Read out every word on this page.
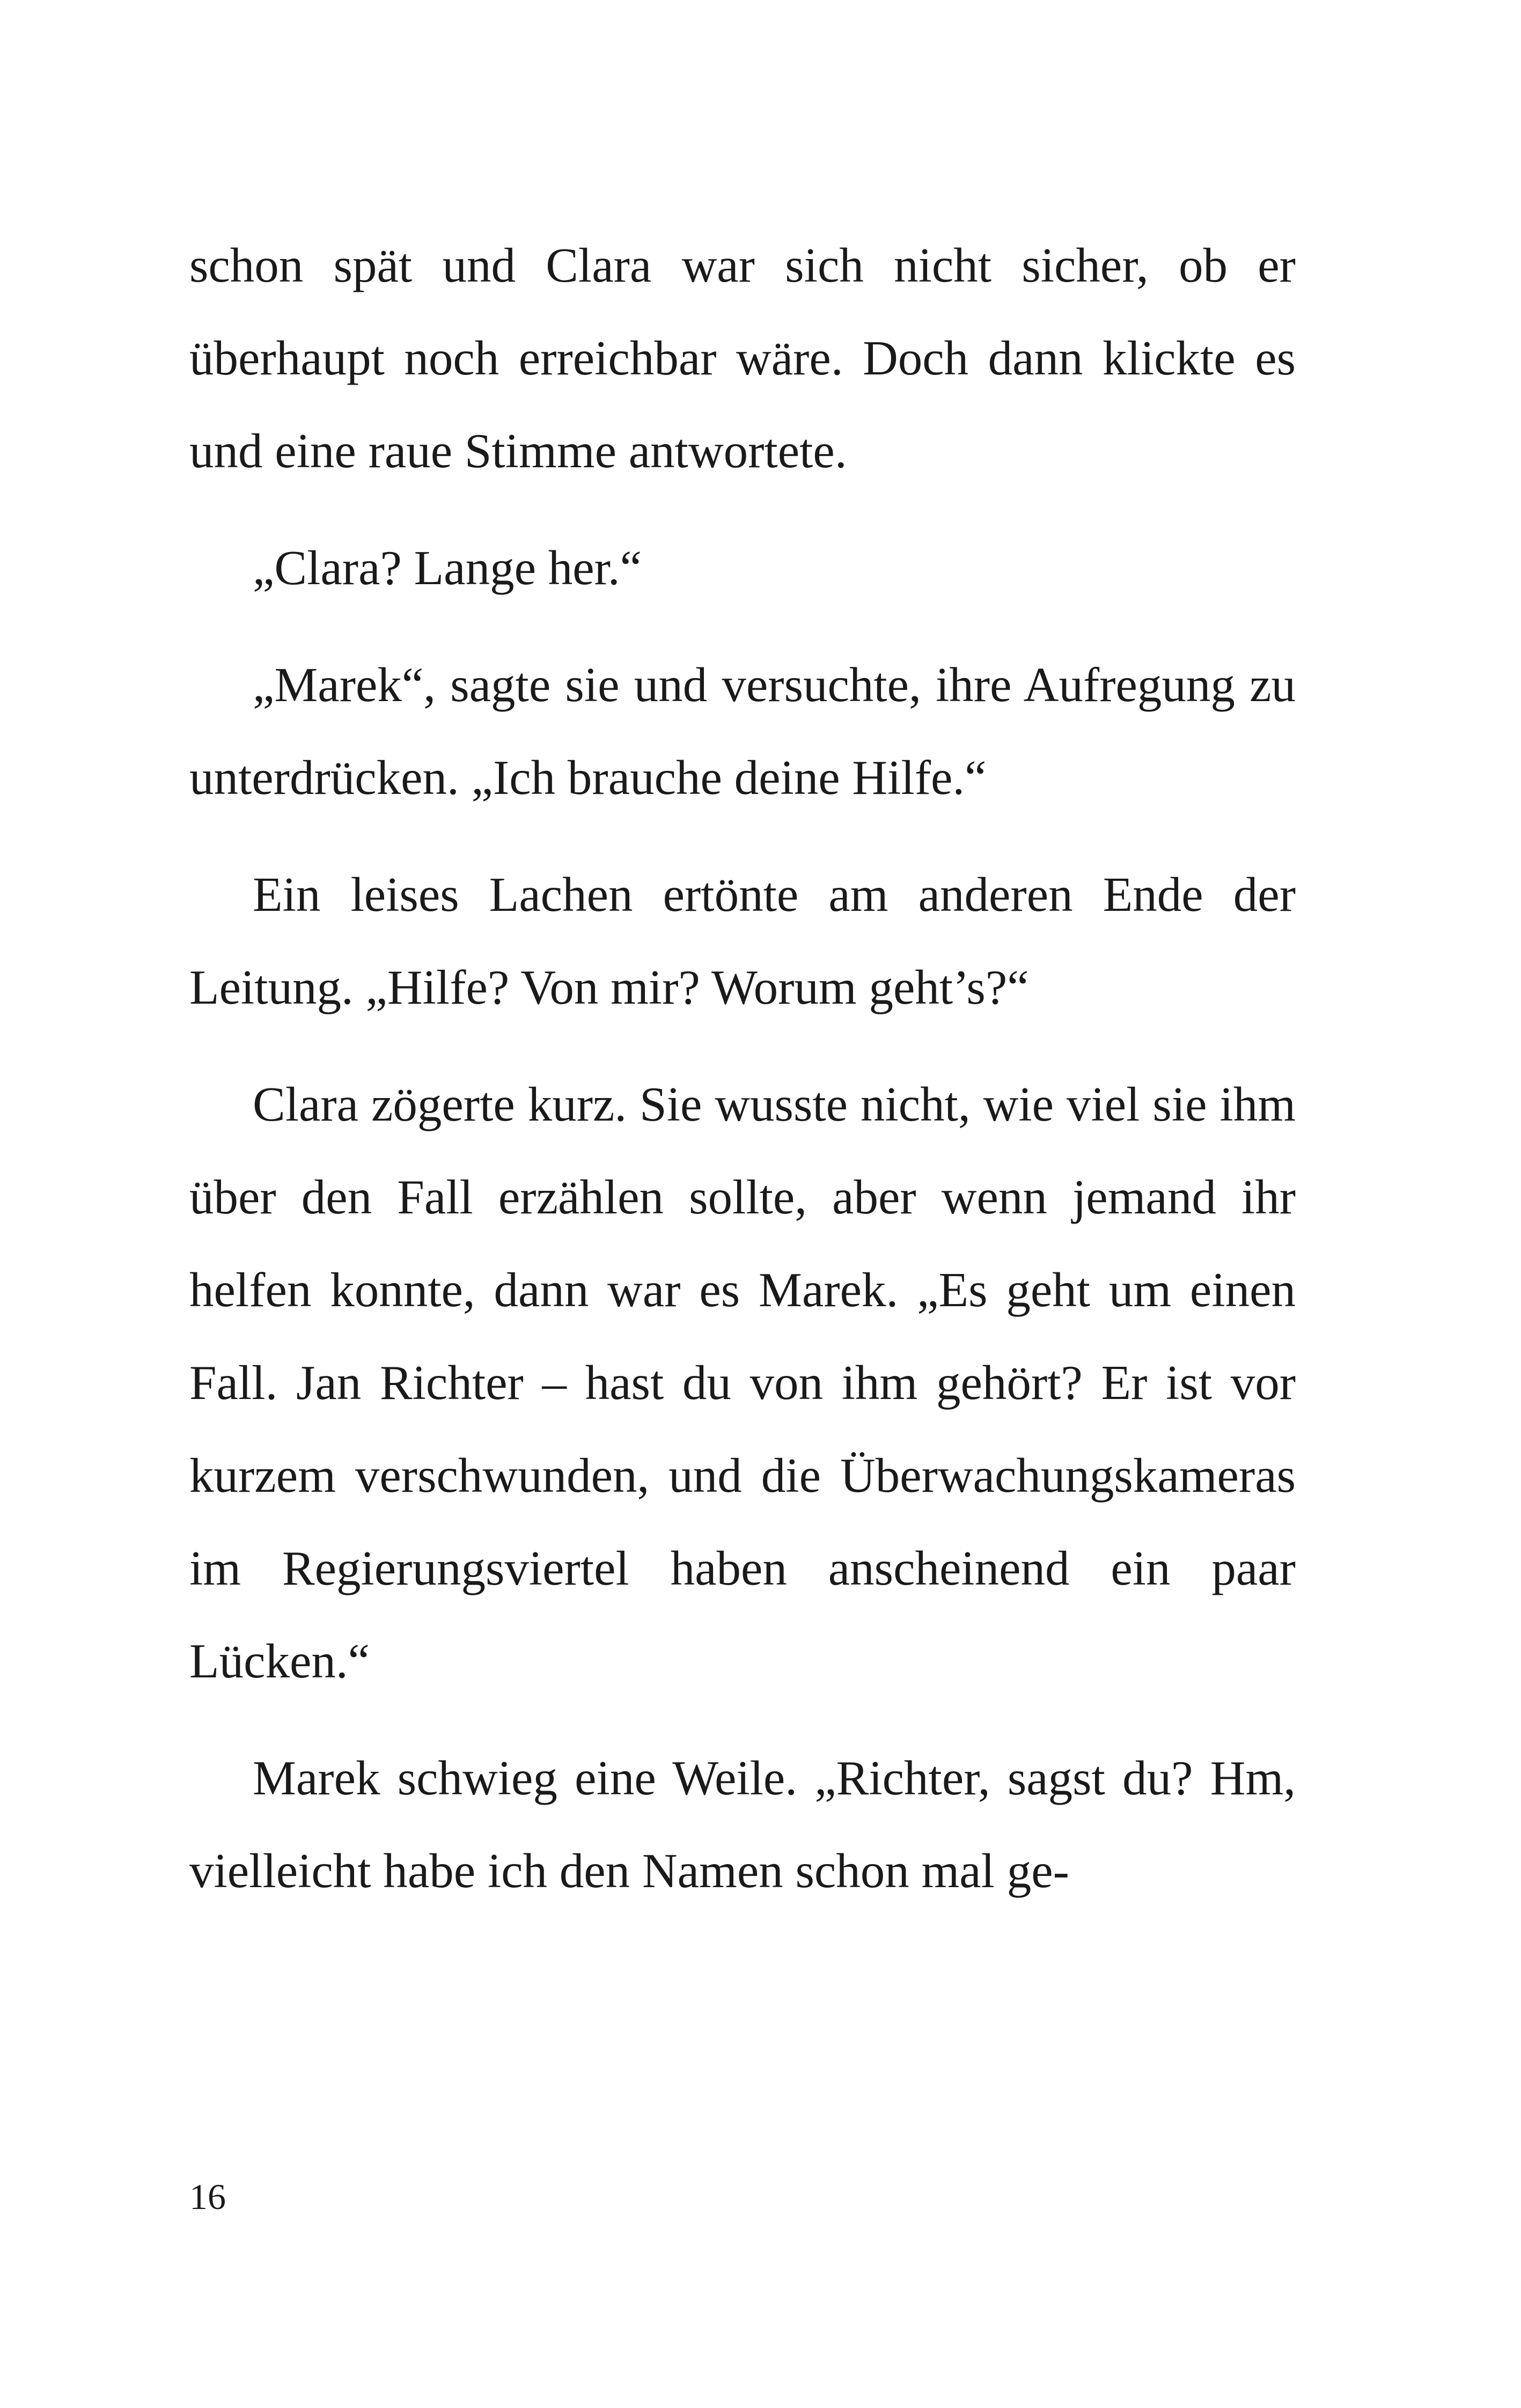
schon spät und Clara war sich nicht sicher, ob er überhaupt noch erreichbar wäre. Doch dann klickte es und eine raue Stimme antwortete.

„Clara? Lange her.“

„Marek“, sagte sie und versuchte, ihre Aufregung zu unterdrücken. „Ich brauche deine Hilfe.“

Ein leises Lachen ertönte am anderen Ende der Leitung. „Hilfe? Von mir? Worum geht’s?“

Clara zögerte kurz. Sie wusste nicht, wie viel sie ihm über den Fall erzählen sollte, aber wenn jemand ihr helfen konnte, dann war es Marek. „Es geht um einen Fall. Jan Richter – hast du von ihm gehört? Er ist vor kurzem verschwunden, und die Überwachungskameras im Regierungsviertel haben anscheinend ein paar Lücken.“

Marek schwieg eine Weile. „Richter, sagst du? Hm, vielleicht habe ich den Namen schon mal ge-

16
